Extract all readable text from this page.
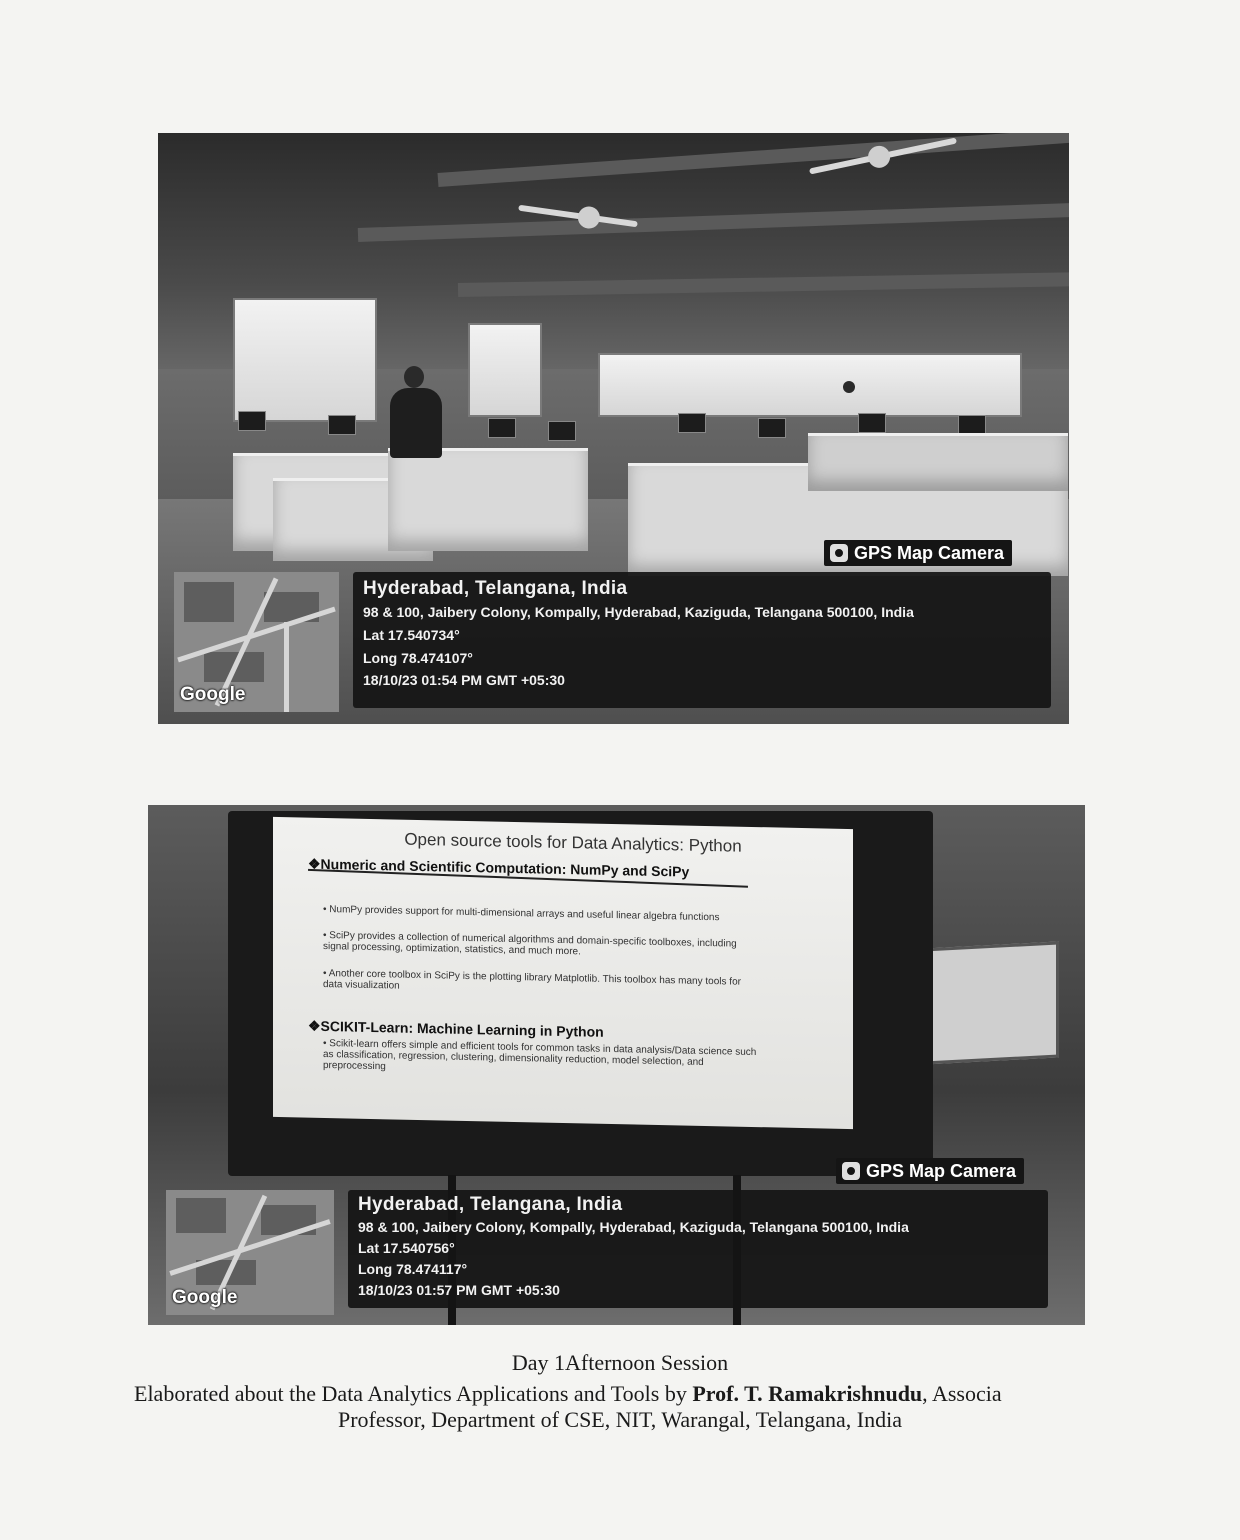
GPS Map Camera
Google
Hyderabad, Telangana, India
98 & 100, Jaibery Colony, Kompally, Hyderabad, Kaziguda, Telangana 500100, India
Lat 17.540734°
Long 78.474107°
18/10/23 01:54 PM GMT +05:30
Open source tools for Data Analytics: Python
❖Numeric and Scientific Computation: NumPy and SciPy
• NumPy provides support for multi-dimensional arrays and useful linear algebra functions
• SciPy provides a collection of numerical algorithms and domain-specific toolboxes, including signal processing, optimization, statistics, and much more.
• Another core toolbox in SciPy is the plotting library Matplotlib. This toolbox has many tools for data visualization
❖SCIKIT-Learn: Machine Learning in Python
• Scikit-learn offers simple and efficient tools for common tasks in data analysis/Data science such as classification, regression, clustering, dimensionality reduction, model selection, and preprocessing
GPS Map Camera
Google
Hyderabad, Telangana, India
98 & 100, Jaibery Colony, Kompally, Hyderabad, Kaziguda, Telangana 500100, India
Lat 17.540756°
Long 78.474117°
18/10/23 01:57 PM GMT +05:30
Day 1Afternoon Session
Elaborated about the Data Analytics Applications and Tools by Prof. T. Ramakrishnudu, Associa
Professor, Department of CSE, NIT, Warangal, Telangana, India
